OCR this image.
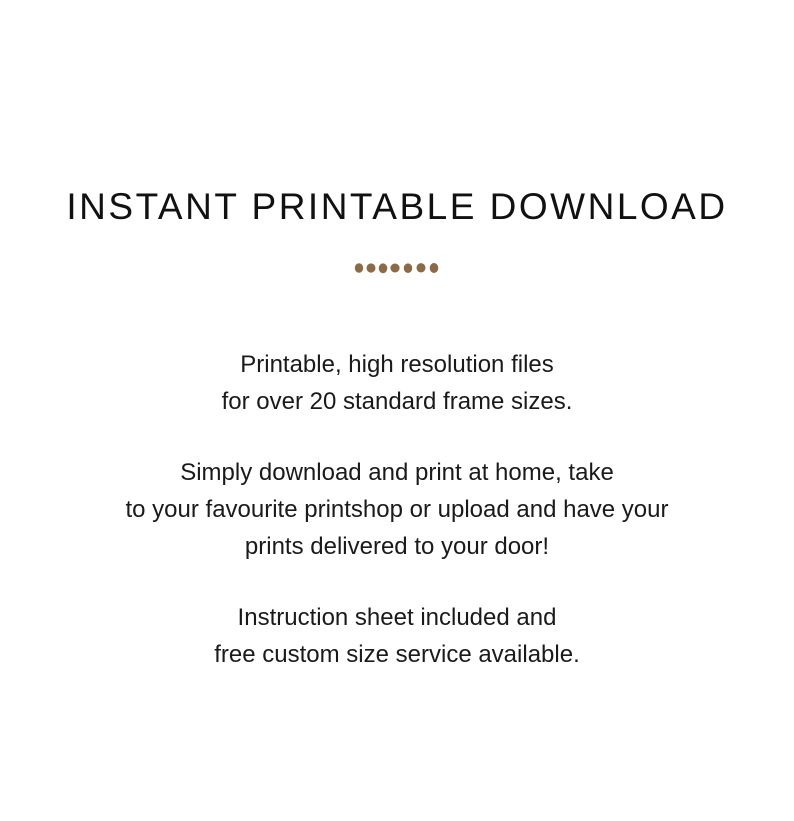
INSTANT PRINTABLE DOWNLOAD

Printable, high resolution files
for over 20 standard frame sizes.

Simply download and print at home, take
to your favourite printshop or upload and have your
prints delivered to your door!

Instruction sheet included and
free custom size service available.
